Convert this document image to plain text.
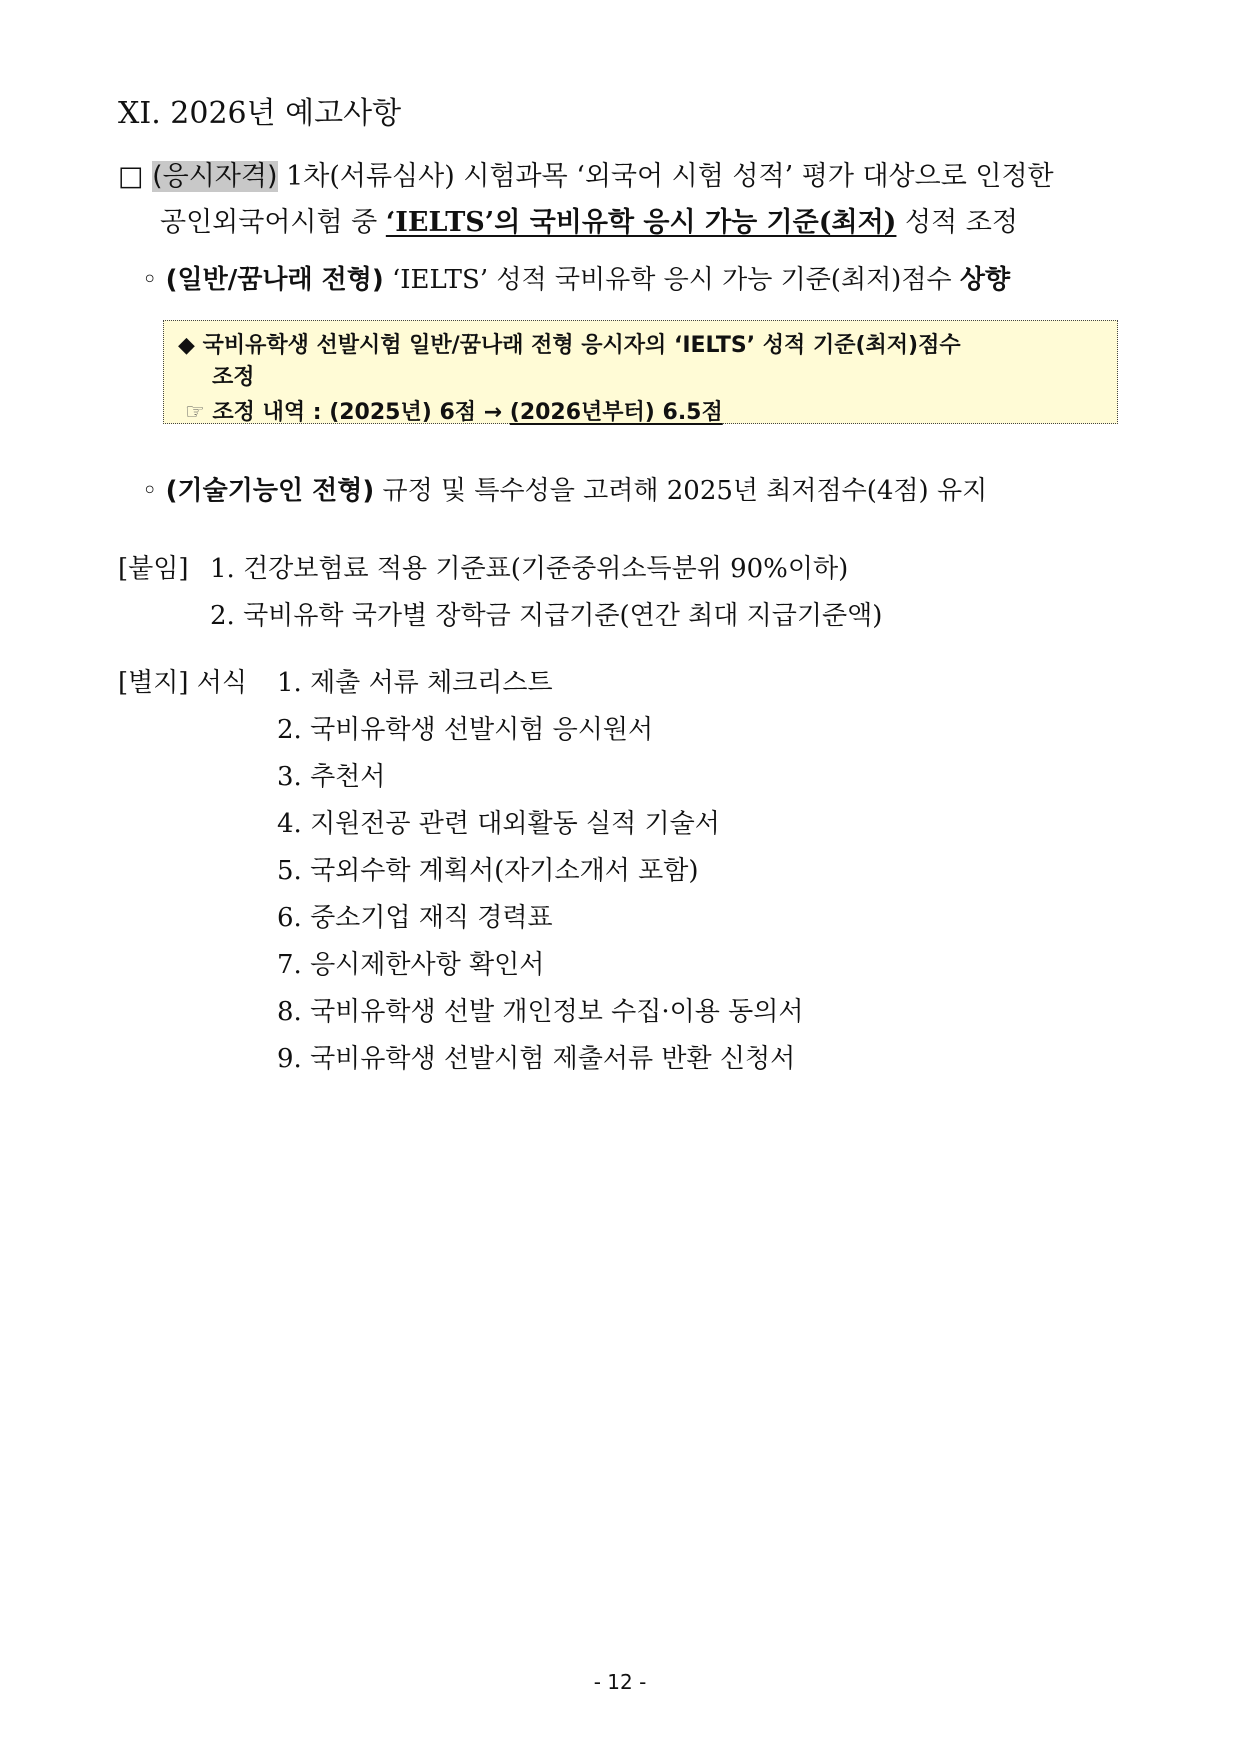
XI. 2026년 예고사항
□ (응시자격) 1차(서류심사) 시험과목 ‘외국어 시험 성적’ 평가 대상으로 인정한
공인외국어시험 중 ‘IELTS’의 국비유학 응시 가능 기준(최저) 성적 조정
◦ (일반/꿈나래 전형) ‘IELTS’ 성적 국비유학 응시 가능 기준(최저)점수 상향
◆ 국비유학생 선발시험 일반/꿈나래 전형 응시자의 ‘IELTS’ 성적 기준(최저)점수
조정
☞ 조정 내역 : (2025년) 6점 → (2026년부터) 6.5점
◦ (기술기능인 전형) 규정 및 특수성을 고려해 2025년 최저점수(4점) 유지
[붙임] 1. 건강보험료 적용 기준표(기준중위소득분위 90%이하)
2. 국비유학 국가별 장학금 지급기준(연간 최대 지급기준액)
[별지] 서식 1. 제출 서류 체크리스트
2. 국비유학생 선발시험 응시원서
3. 추천서
4. 지원전공 관련 대외활동 실적 기술서
5. 국외수학 계획서(자기소개서 포함)
6. 중소기업 재직 경력표
7. 응시제한사항 확인서
8. 국비유학생 선발 개인정보 수집·이용 동의서
9. 국비유학생 선발시험 제출서류 반환 신청서
- 12 -
